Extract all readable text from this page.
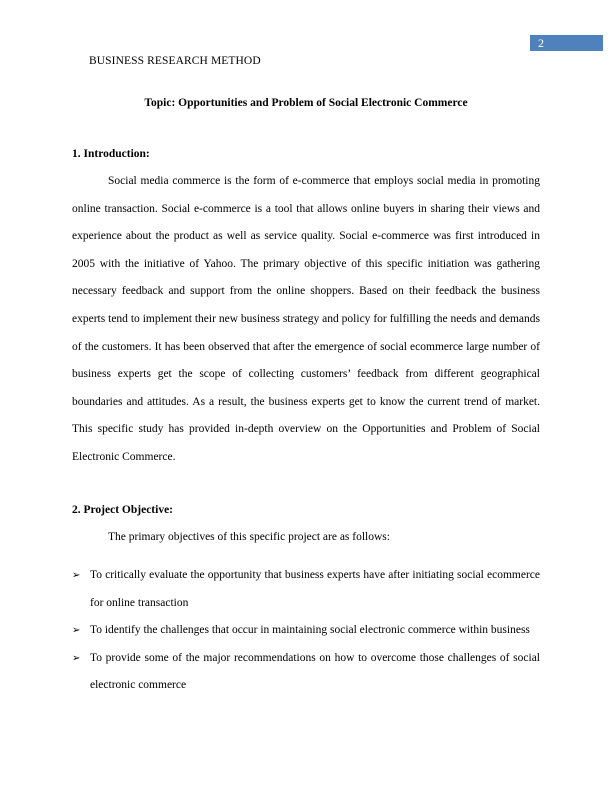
2
BUSINESS RESEARCH METHOD
Topic: Opportunities and Problem of Social Electronic Commerce
1. Introduction:

Social media commerce is the form of e-commerce that employs social media in promoting online transaction. Social e-commerce is a tool that allows online buyers in sharing their views and experience about the product as well as service quality. Social e-commerce was first introduced in 2005 with the initiative of Yahoo. The primary objective of this specific initiation was gathering necessary feedback and support from the online shoppers. Based on their feedback the business experts tend to implement their new business strategy and policy for fulfilling the needs and demands of the customers. It has been observed that after the emergence of social ecommerce large number of business experts get the scope of collecting customers’ feedback from different geographical boundaries and attitudes. As a result, the business experts get to know the current trend of market. This specific study has provided in-depth overview on the Opportunities and Problem of Social Electronic Commerce.

2. Project Objective:
The primary objectives of this specific project are as follows:
➢ To critically evaluate the opportunity that business experts have after initiating social ecommerce for online transaction
➢ To identify the challenges that occur in maintaining social electronic commerce within business
➢ To provide some of the major recommendations on how to overcome those challenges of social electronic commerce
